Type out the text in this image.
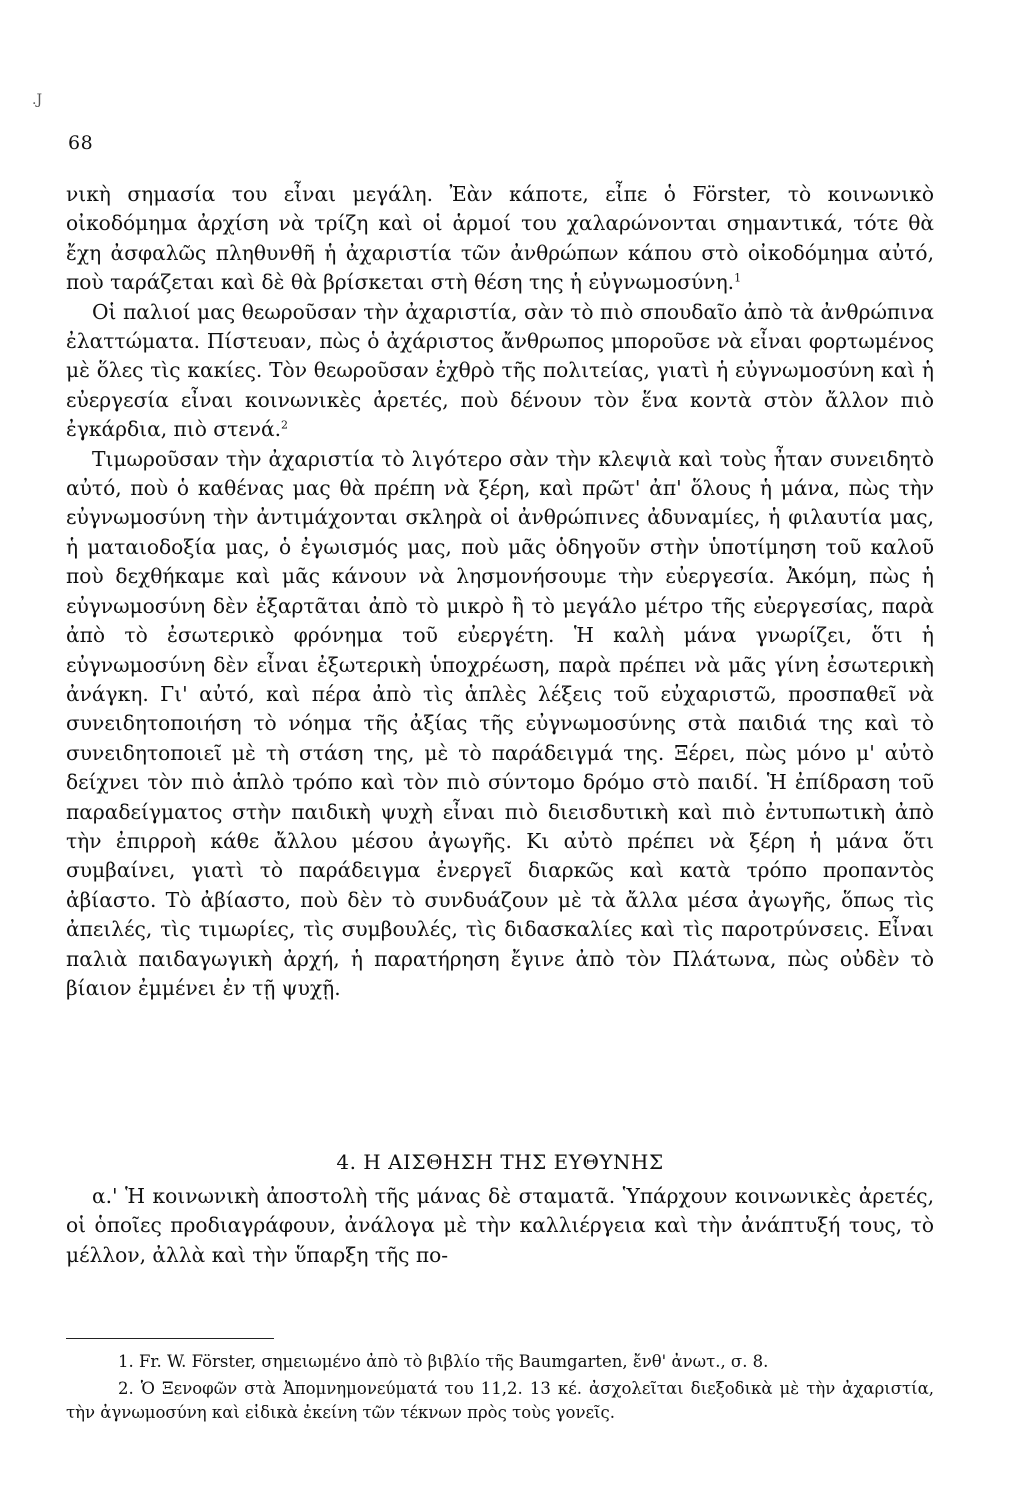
.J
68

νικὴ σημασία του εἶναι μεγάλη. Ἐὰν κάποτε, εἶπε ὁ Förster, τὸ κοινωνικὸ οἰκοδόμημα ἀρχίση νὰ τρίζη καὶ οἱ ἁρμοί του χαλαρώνονται σημαντικά, τότε θὰ ἔχη ἀσφαλῶς πληθυνθῆ ἡ ἀχαριστία τῶν ἀνθρώπων κάπου στὸ οἰκοδόμημα αὐτό, ποὺ ταράζεται καὶ δὲ θὰ βρίσκεται στὴ θέση της ἡ εὐγνωμοσύνη.$^1$

Οἱ παλιοί μας θεωροῦσαν τὴν ἀχαριστία, σὰν τὸ πιὸ σπουδαῖο ἀπὸ τὰ ἀνθρώπινα ἐλαττώματα. Πίστευαν, πὼς ὁ ἀχάριστος ἄνθρωπος μπορoῦσε νὰ εἶναι φορτωμένος μὲ ὅλες τὶς κακίες. Τὸν θεωροῦσαν ἐχθρὸ τῆς πολιτείας, γιατὶ ἡ εὐγνωμοσύνη καὶ ἡ εὐεργεσία εἶναι κοινωνικὲς ἀρετές, ποὺ δένουν τὸν ἕνα κοντὰ στὸν ἄλλον πιὸ ἐγκάρδια, πιὸ στενά.$^2$

Τιμωροῦσαν τὴν ἀχαριστία τὸ λιγότερο σὰν τὴν κλεψιὰ καὶ τοὺς ἦταν συνειδητὸ αὐτό, ποὺ ὁ καθένας μας θὰ πρέπη νὰ ξέρη, καὶ πρῶτ' ἀπ' ὅλους ἡ μάνα, πὼς τὴν εὐγνωμοσύνη τὴν ἀντιμάχονται σκληρὰ οἱ ἀνθρώπινες ἀδυναμίες, ἡ φιλαυτία μας, ἡ ματαιοδοξία μας, ὁ ἐγωισμός μας, ποὺ μᾶς ὁδηγοῦν στὴν ὑποτίμηση τοῦ καλοῦ ποὺ δεχθήκαμε καὶ μᾶς κάνουν νὰ λησμονήσουμε τὴν εὐεργεσία. Ἀκόμη, πὼς ἡ εὐγνωμοσύνη δὲν ἐξαρτᾶται ἀπὸ τὸ μικρὸ ἢ τὸ μεγάλο μέτρο τῆς εὐεργεσίας, παρὰ ἀπὸ τὸ ἐσωτερικὸ φρόνημα τοῦ εὐεργέτη. Ἡ καλὴ μάνα γνωρίζει, ὅτι ἡ εὐγνωμοσύνη δὲν εἶναι ἐξωτερικὴ ὑποχρέωση, παρὰ πρέπει νὰ μᾶς γίνη ἐσωτερικὴ ἀνάγκη. Γι' αὐτό, καὶ πέρα ἀπὸ τὶς ἁπλὲς λέξεις τοῦ εὐχαριστῶ, προσπαθεῖ νὰ συνειδητοποιήση τὸ νόημα τῆς ἀξίας τῆς εὐγνωμοσύνης στὰ παιδιά της καὶ τὸ συνειδητοποιεῖ μὲ τὴ στάση της, μὲ τὸ παράδειγμά της. Ξέρει, πὼς μόνο μ' αὐτὸ δείχνει τὸν πιὸ ἁπλὸ τρόπο καὶ τὸν πιὸ σύντομο δρόμο στὸ παιδί. Ἡ ἐπίδραση τοῦ παραδείγματος στὴν παιδικὴ ψυχὴ εἶναι πιὸ διεισδυτικὴ καὶ πιὸ ἐντυπωτικὴ ἀπὸ τὴν ἐπιρροὴ κάθε ἄλλου μέσου ἀγωγῆς. Κι αὐτὸ πρέπει νὰ ξέρη ἡ μάνα ὅτι συμβαίνει, γιατὶ τὸ παράδειγμα ἐνεργεῖ διαρκῶς καὶ κατὰ τρόπο προπαντὸς ἀβίαστο. Τὸ ἀβίαστο, ποὺ δὲν τὸ συνδυάζουν μὲ τὰ ἄλλα μέσα ἀγωγῆς, ὅπως τὶς ἀπειλές, τὶς τιμωρίες, τὶς συμβουλές, τὶς διδασκαλίες καὶ τὶς παροτρύνσεις. Εἶναι παλιὰ παιδαγωγικὴ ἀρχή, ἡ παρατήρηση ἔγινε ἀπὸ τὸν Πλάτωνα, πὼς οὐδὲν τὸ βίαιον ἐμμένει ἐν τῇ ψυχῇ.

4. Η ΑΙΣΘΗΣΗ ΤΗΣ ΕΥΘΥΝΗΣ

α.' Ἡ κοινωνικὴ ἀποστολὴ τῆς μάνας δὲ σταματᾶ. Ὑπάρχουν κοινωνικὲς ἀρετές, οἱ ὁποῖες προδιαγράφουν, ἀνάλογα μὲ τὴν καλλιέργεια καὶ τὴν ἀνάπτυξή τους, τὸ μέλλον, ἀλλὰ καὶ τὴν ὕπαρξη τῆς πο-

1. Fr. W. Förster, σημειωμένο ἀπὸ τὸ βιβλίο τῆς Baumgarten, ἔνθ' ἀνωτ., σ. 8.

2. Ὁ Ξενοφῶν στὰ Ἀπομνημονεύματά του 11,2. 13 κέ. ἀσχολεῖται διεξοδικὰ μὲ τὴν ἀχαριστία, τὴν ἀγνωμοσύνη καὶ εἰδικὰ ἐκείνη τῶν τέκνων πρὸς τοὺς γονεῖς.
